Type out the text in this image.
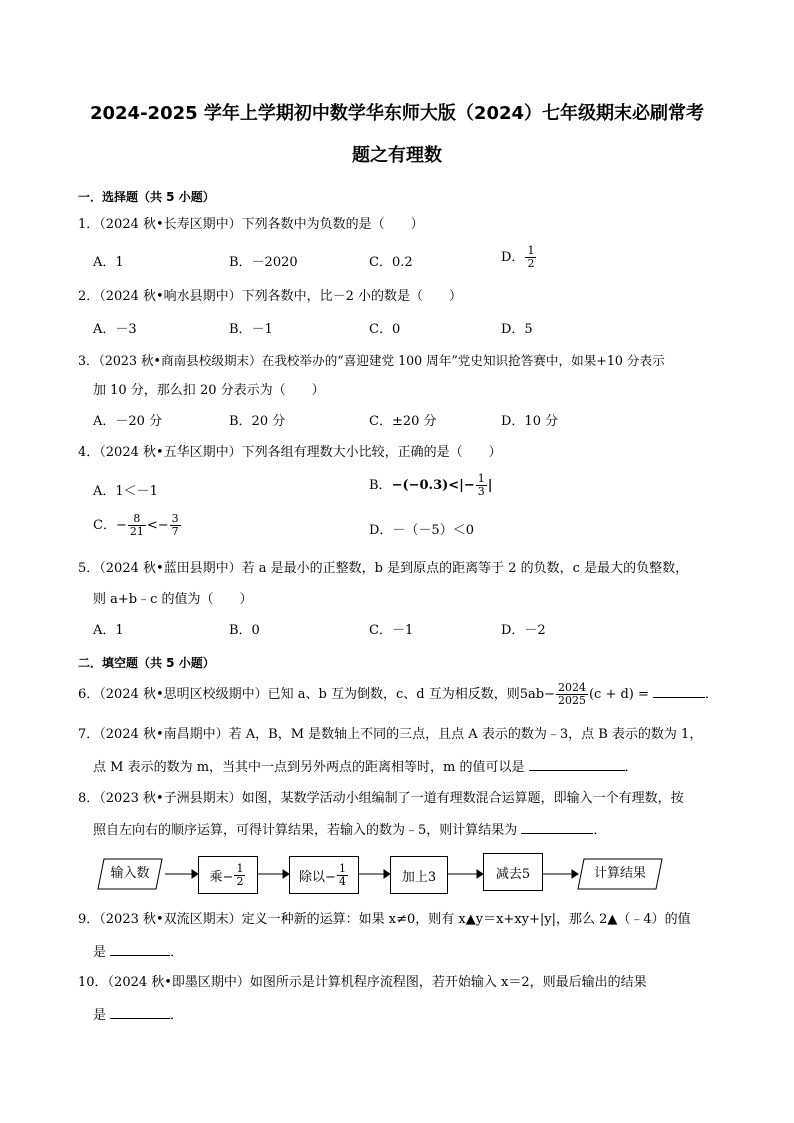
2024-2025 学年上学期初中数学华东师大版（2024）七年级期末必刷常考
题之有理数
一．选择题（共 5 小题）
1．（2024 秋•长寿区期中）下列各数中为负数的是（　　）
A．1	B．－2020	C．0.2	D． $\frac{1}{2}$
2．（2024 秋•响水县期中）下列各数中，比－2 小的数是（　　）
A．－3	B．－1	C．0	D．5
3．（2023 秋•商南县校级期末）在我校举办的“喜迎建党 100 周年”党史知识抢答赛中，如果+10 分表示
加 10 分，那么扣 20 分表示为（　　）
A．－20 分	B．20 分	C．±20 分	D．10 分
4．（2024 秋•五华区期中）下列各组有理数大小比较，正确的是（　　）
A．1＜－1	B．$-(-0.3)<|- \frac{1}{3}$ |
C．− $\frac{8}{21} <- \frac{3}{7}$	D．－（－5）＜0
5．（2024 秋•蓝田县期中）若 a 是最小的正整数，b 是到原点的距离等于 2 的负数，c 是最大的负整数，
则 a+b﹣c 的值为（　　）
A．1	B．0	C．－1	D．－2
二．填空题（共 5 小题）
6．（2024 秋•思明区校级期中）已知 a、b 互为倒数，c、d 互为相反数，则$5ab- \frac{2024}{2025} (c + d)$ =	．
7．（2024 秋•南昌期中）若 A，B，M 是数轴上不同的三点，且点 A 表示的数为﹣3，点 B 表示的数为 1，
点 M 表示的数为 m，当其中一点到另外两点的距离相等时，m 的值可以是	．
8．（2023 秋•子洲县期末）如图，某数学活动小组编制了一道有理数混合运算题，即输入一个有理数，按
照自左向右的顺序运算，可得计算结果，若输入的数为﹣5，则计算结果为	．
输入数	乘− $\frac{1}{2}$	除以− $\frac{1}{4}$	加上3	减去5	计算结果
9．（2023 秋•双流区期末）定义一种新的运算：如果 x≠0，则有 x▲y＝x+xy+|y|，那么 2▲（﹣4）的值
是	．
10．（2024 秋•即墨区期中）如图所示是计算机程序流程图，若开始输入 x＝2，则最后输出的结果
是	．
